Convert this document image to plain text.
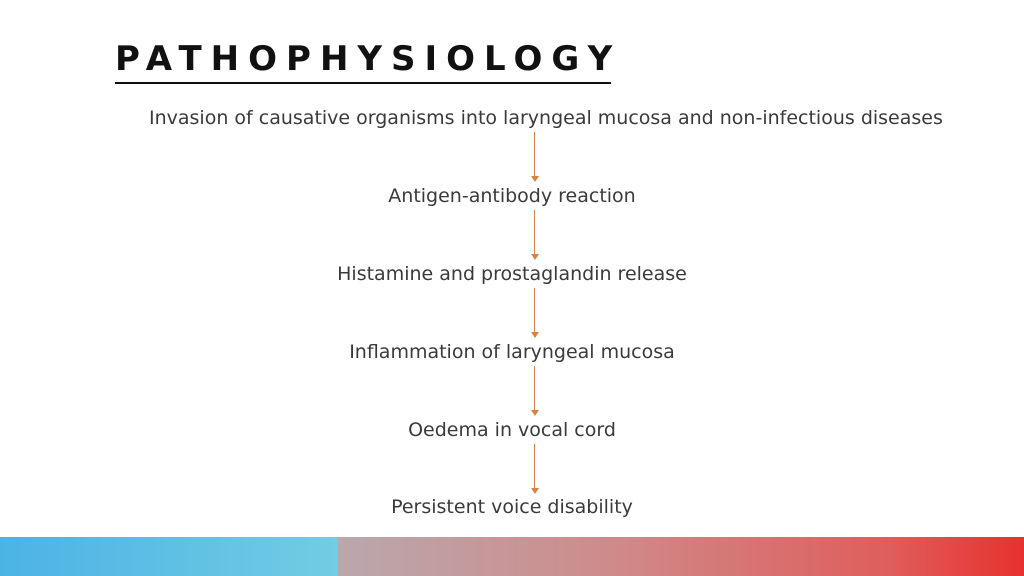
PATHOPHYSIOLOGY
Invasion of causative organisms into laryngeal mucosa and non-infectious diseases
Antigen-antibody reaction
Histamine and prostaglandin release
Inflammation of laryngeal mucosa
Oedema in vocal cord
Persistent voice disability
